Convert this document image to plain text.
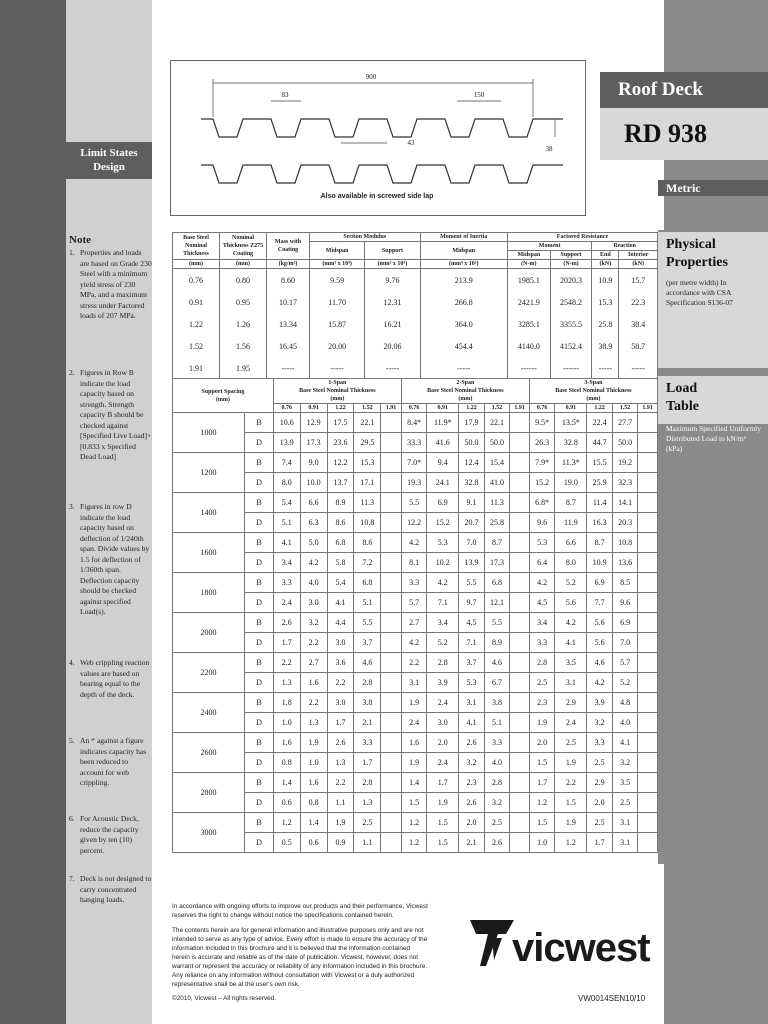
Limit States Design
Note
1. Properties and loads are based on Grade 230 Steel with a minimum yield stress of 230 MPa, and a maximum stress under Factored loads of 207 MPa.
2. Figures in Row B indicate the load capacity based on strength. Strength capacity B should be checked against [Specified Live Load]+[0.833 x Specified Dead Load]
3. Figures in row D indicate the load capacity based on deflection of 1/240th span. Divide values by 1.5 for deflection of 1/360th span. Deflection capacity should be checked against specified Load(s).
4. Web crippling reaction values are based on bearing equal to the depth of the deck.
5. An * against a figure indicates capacity has been reduced to account for web crippling.
6. For Acoustic Deck, reduce the capacity given by ten (10) percent.
7. Deck is not designed to carry concentrated hanging loads.
Roof Deck
RD 938
Metric
Physical Properties
(per metre width) In accordance with CSA Specification S136-07
Load Table
Maximum Specified Uniformly Distributed Load in kN/m² (kPa)
900
83	150
43
38
Also available in screwed side lap
Base Steel Nominal Thickness	Nominal Thickness Z275 Coating	Mass with Coating	Section Modulus		Moment of Inertia	Factored Resistance			
			Midspan	Support	Midspan	Moment		Reaction	
						Midspan	Support	End	Interior
(mm)	(mm)	(kg/m²)	(mm³ x 10³)	(mm³ x 10³)	(mm⁴ x 10³)	(N-m)	(N-m)	(kN)	(kN)
0.76	0.80	8.60	9.59	9.76	213.9	1985.1	2020.3	10.9	15.7
0.91	0.95	10.17	11.70	12.31	266.8	2421.9	2548.2	15.3	22.3
1.22	1.26	13.34	15.87	16.21	364.0	3285.1	3355.5	25.8	38.4
1.52	1.56	16.45	20.00	20.06	454.4	4140.0	4152.4	38.9	58.7
1.91	1.95	-----	-----	-----	-----	------	------	-----	-----
Support Spacing
(mm)		1-Span
Base Steel Nominal Thickness
(mm)					2-Span
Base Steel Nominal Thickness
(mm)					3-Span
Base Steel Nominal Thickness
(mm)				
		0.76	0.91	1.22	1.52	1.91	0.76	0.91	1.22	1.52	1.91	0.76	0.91	1.22	1.52	1.91
1000	B	10.6	12.9	17.5	22.1		8.4*	11.9*	17.9	22.1		9.5*	13.5*	22.4	27.7	
	D	13.9	17.3	23.6	29.5		33.3	41.6	50.0	50.0		26.3	32.8	44.7	50.0	
1200	B	7.4	9.0	12.2	15.3		7.0*	9.4	12.4	15.4		7.9*	11.3*	15.5	19.2	
	D	8.0	10.0	13.7	17.1		19.3	24.1	32.8	41.0		15.2	19.0	25.9	32.3	
1400	B	5.4	6.6	8.9	11.3		5.5	6.9	9.1	11.3		6.8*	8.7	11.4	14.1	
	D	5.1	6.3	8.6	10.8		12.2	15.2	20.7	25.8		9.6	11.9	16.3	20.3	
1600	B	4.1	5.0	6.8	8.6		4.2	5.3	7.0	8.7		5.3	6.6	8.7	10.8	
	D	3.4	4.2	5.8	7.2		8.1	10.2	13.9	17.3		6.4	8.0	10.9	13.6	
1800	B	3.3	4.0	5.4	6.8		3.3	4.2	5.5	6.8		4.2	5.2	6.9	8.5	
	D	2.4	3.0	4.1	5.1		5.7	7.1	9.7	12.1		4.5	5.6	7.7	9.6	
2000	B	2.6	3.2	4.4	5.5		2.7	3.4	4.5	5.5		3.4	4.2	5.6	6.9	
	D	1.7	2.2	3.0	3.7		4.2	5.2	7.1	8.9		3.3	4.1	5.6	7.0	
2200	B	2.2	2.7	3.6	4.6		2.2	2.8	3.7	4.6		2.8	3.5	4.6	5.7	
	D	1.3	1.6	2.2	2.8		3.1	3.9	5.3	6.7		2.5	3.1	4.2	5.2	
2400	B	1.8	2.2	3.0	3.8		1.9	2.4	3.1	3.8		2.3	2.9	3.9	4.8	
	D	1.0	1.3	1.7	2.1		2.4	3.0	4.1	5.1		1.9	2.4	3.2	4.0	
2600	B	1.6	1.9	2.6	3.3		1.6	2.0	2.6	3.3		2.0	2.5	3.3	4.1	
	D	0.8	1.0	1.3	1.7		1.9	2.4	3.2	4.0		1.5	1.9	2.5	3.2	
2800	B	1.4	1.6	2.2	2.8		1.4	1.7	2.3	2.8		1.7	2.2	2.9	3.5	
	D	0.6	0.8	1.1	1.3		1.5	1.9	2.6	3.2		1.2	1.5	2.0	2.5	
3000	B	1.2	1.4	1.9	2.5		1.2	1.5	2.0	2.5		1.5	1.9	2.5	3.1	
	D	0.5	0.6	0.9	1.1		1.2	1.5	2.1	2.6		1.0	1.2	1.7	3.1	
In accordance with ongoing efforts to improve our products and their performance, Vicwest reserves the right to change without notice the specifications contained herein.
The contents herein are for general information and illustrative purposes only and are not intended to serve as any type of advice. Every effort is made to ensure the accuracy of the information included in this brochure and it is believed that the information contained herein is accurate and reliable as of the date of publication. Vicwest, however, does not warrant or represent the accuracy or reliability of any information included in this brochure. Any reliance on any information without consultation with Vicwest or a duly authorized representative shall be at the user's own risk.
©2010, Vicwest – All rights reserved.
vicwest
VW0014SEN10/10
